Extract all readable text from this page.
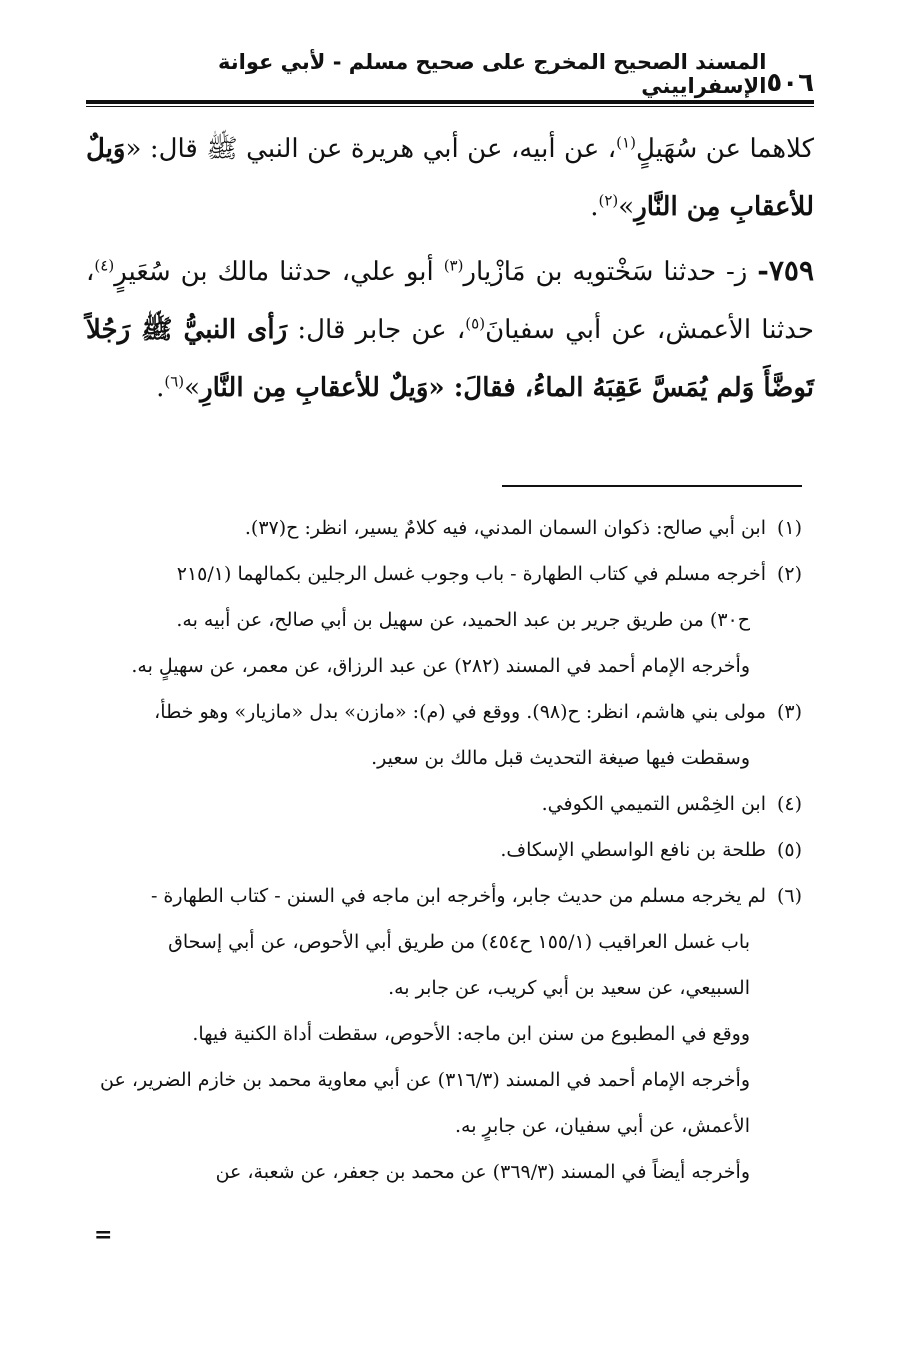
٥٠٦
المسند الصحيح المخرج على صحيح مسلم - لأبي عوانة الإسفراييني

كلاهما عن سُهَيلٍ$^{(١)}$، عن أبيه، عن أبي هريرة عن النبي ﷺ قال: «وَيلٌ للأعقابِ مِن النَّارِ»$^{(٢)}$.

٧٥٩- ز- حدثنا سَخْتويه بن مَازْيار$^{(٣)}$ أبو علي، حدثنا مالك بن سُعَيرٍ$^{(٤)}$، حدثنا الأعمش، عن أبي سفيانَ$^{(٥)}$، عن جابر قال: رَأى النبيُّ ﷺ رَجُلاً تَوضَّأَ وَلم يُمَسَّ عَقِبَهُ الماءُ، فقالَ: «وَيلٌ للأعقابِ مِن النَّارِ»$^{(٦)}$.

(١)
ابن أبي صالح: ذكوان السمان المدني، فيه كلامٌ يسير، انظر: ح(٣٧).
(٢)
أخرجه مسلم في كتاب الطهارة - باب وجوب غسل الرجلين بكمالهما (٢١٥/١
ح٣٠) من طريق جرير بن عبد الحميد، عن سهيل بن أبي صالح، عن أبيه به.
وأخرجه الإمام أحمد في المسند (٢٨٢) عن عبد الرزاق، عن معمر، عن سهيلٍ به.
(٣)
مولى بني هاشم، انظر: ح(٩٨). ووقع في (م): «مازن» بدل «مازيار» وهو خطأ،
وسقطت فيها صيغة التحديث قبل مالك بن سعير.
(٤)
ابن الخِمْس التميمي الكوفي.
(٥)
طلحة بن نافع الواسطي الإسكاف.
(٦)
لم يخرجه مسلم من حديث جابر، وأخرجه ابن ماجه في السنن - كتاب الطهارة -
باب غسل العراقيب (١٥٥/١ ح٤٥٤) من طريق أبي الأحوص، عن أبي إسحاق
السبيعي، عن سعيد بن أبي كريب، عن جابر به.
ووقع في المطبوع من سنن ابن ماجه: الأحوص، سقطت أداة الكنية فيها.
وأخرجه الإمام أحمد في المسند (٣١٦/٣) عن أبي معاوية محمد بن خازم الضرير، عن
الأعمش، عن أبي سفيان، عن جابرٍ به.
وأخرجه أيضاً في المسند (٣٦٩/٣) عن محمد بن جعفر، عن شعبة، عن
=
